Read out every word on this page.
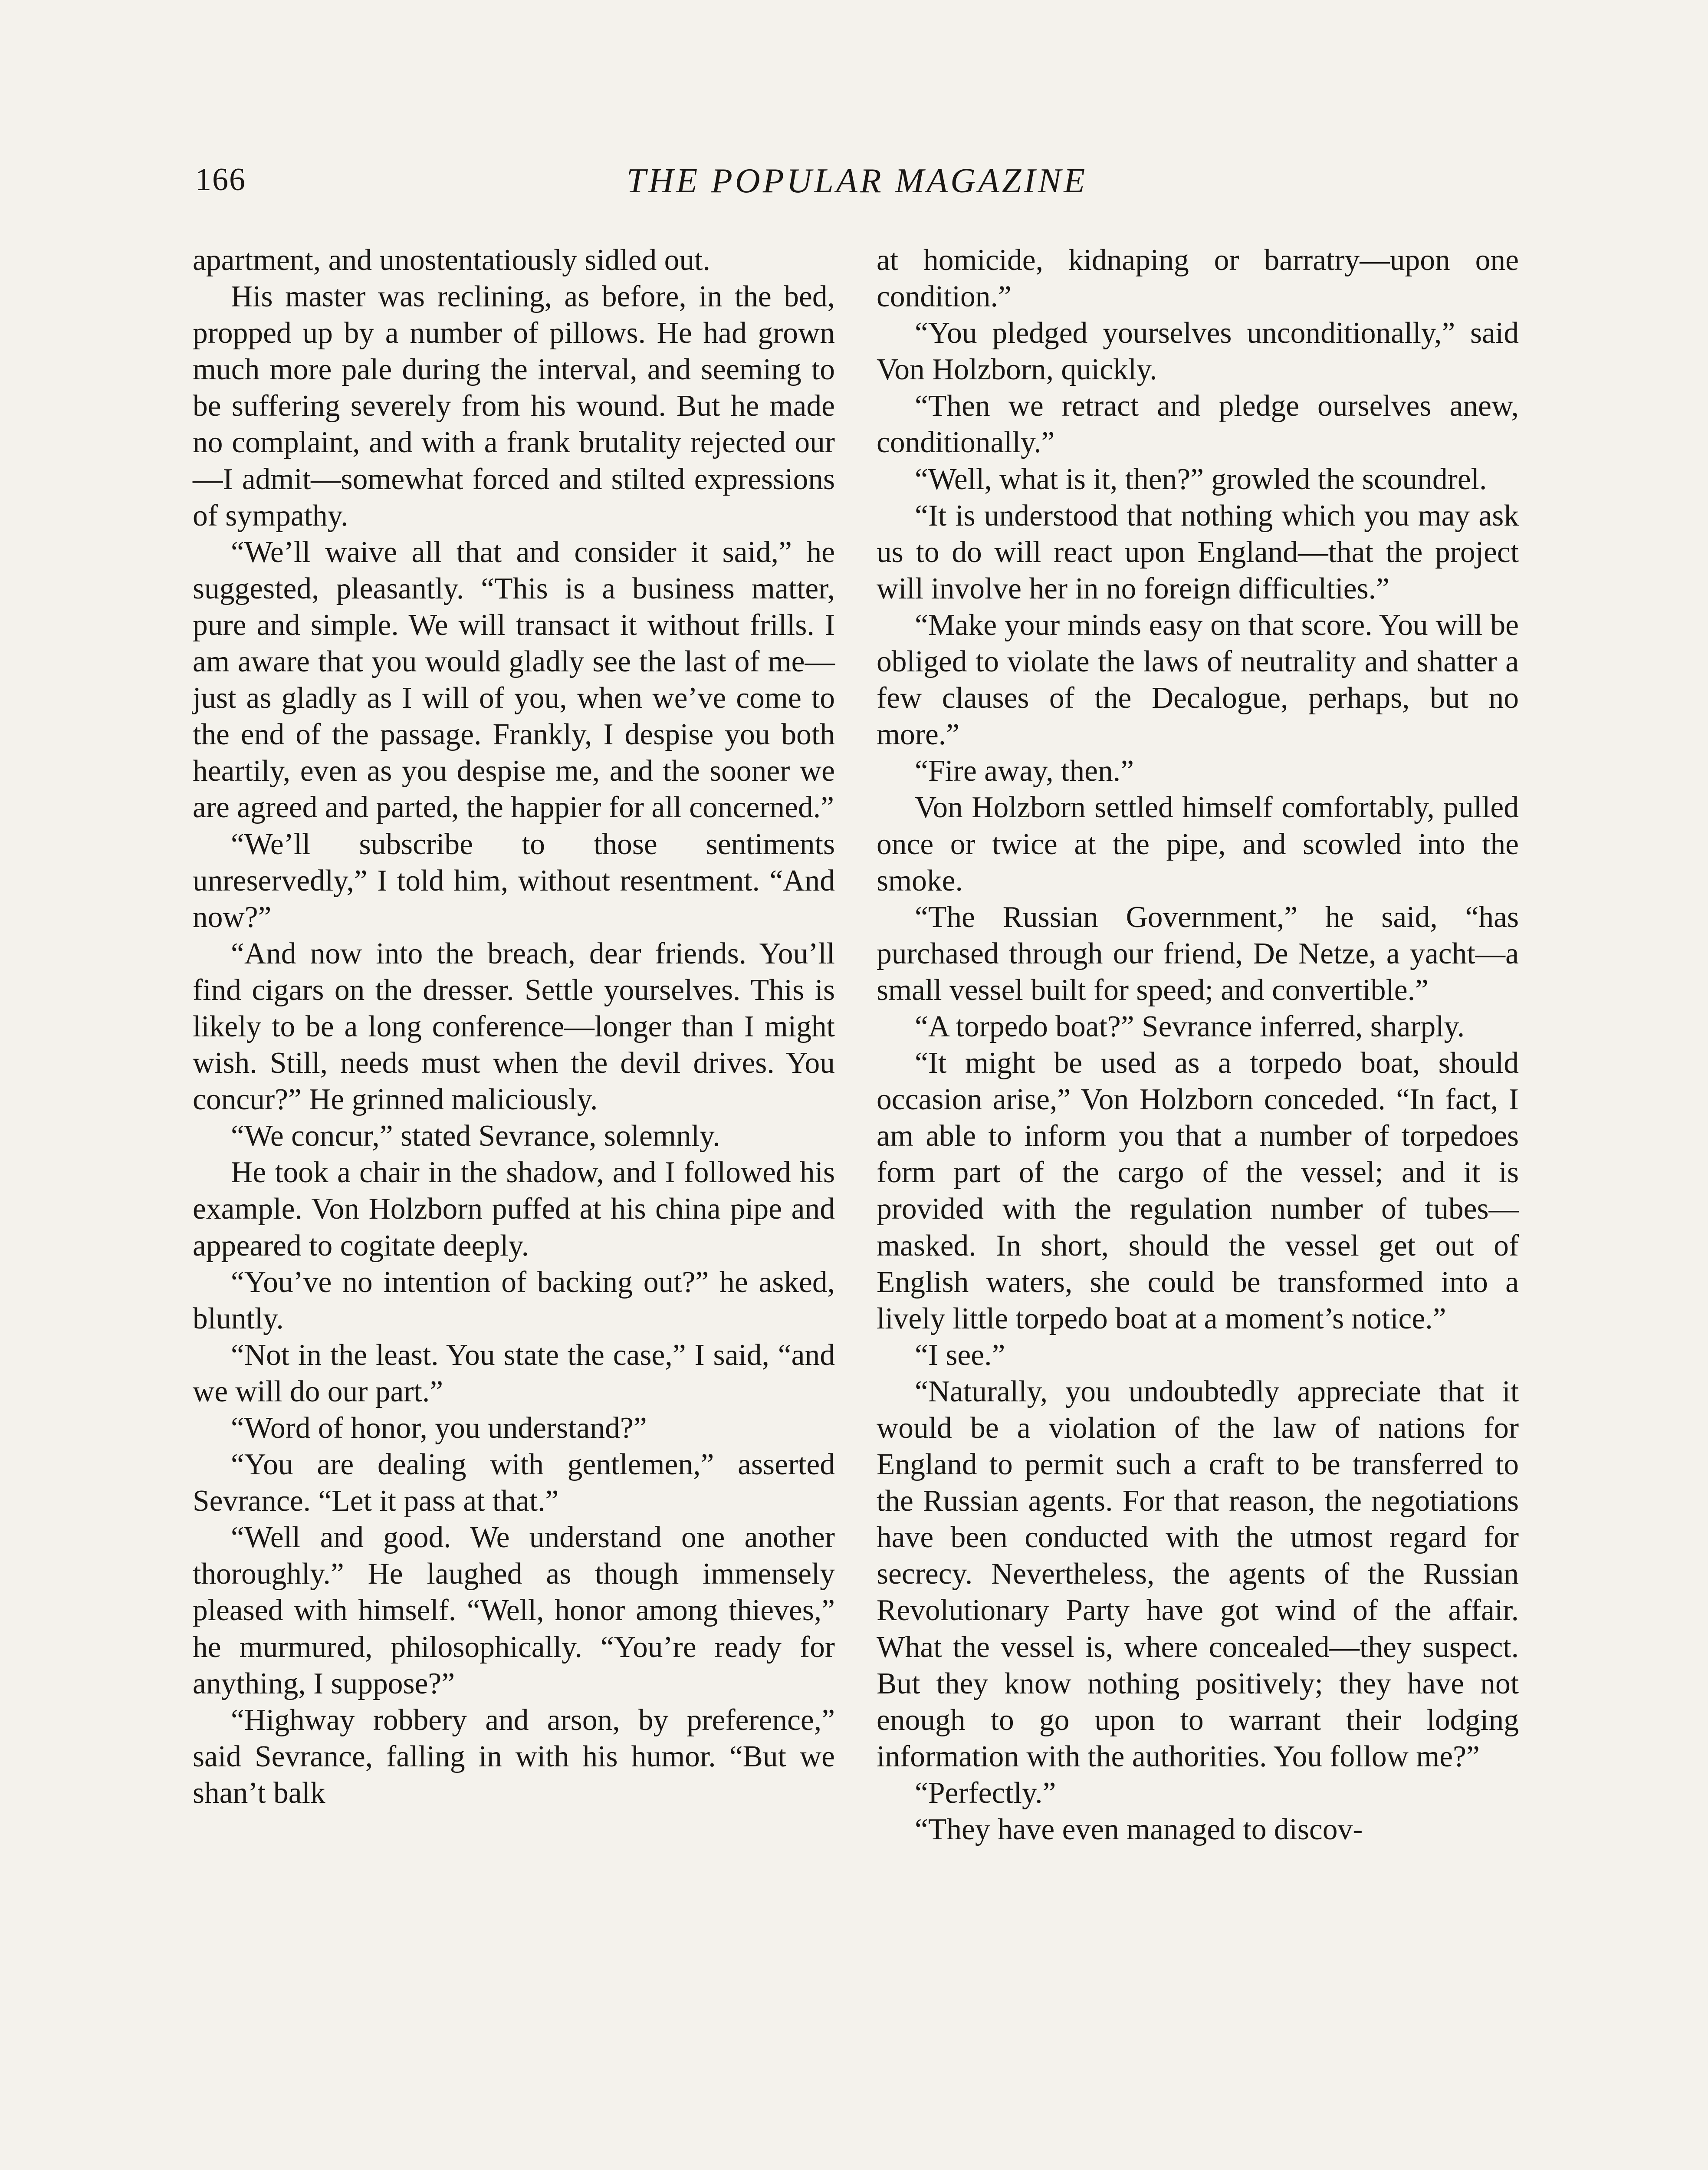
166	THE POPULAR MAGAZINE

apartment, and unostentatiously sidled out.

His master was reclining, as before, in the bed, propped up by a number of pillows. He had grown much more pale during the interval, and seeming to be suffering severely from his wound. But he made no complaint, and with a frank brutality rejected our—I admit—somewhat forced and stilted expressions of sympathy.

“We’ll waive all that and consider it said,” he suggested, pleasantly. “This is a business matter, pure and simple. We will transact it without frills. I am aware that you would gladly see the last of me—just as gladly as I will of you, when we’ve come to the end of the passage. Frankly, I despise you both heartily, even as you despise me, and the sooner we are agreed and parted, the happier for all concerned.”

“We’ll subscribe to those sentiments unreservedly,” I told him, without resentment. “And now?”

“And now into the breach, dear friends. You’ll find cigars on the dresser. Settle yourselves. This is likely to be a long conference—longer than I might wish. Still, needs must when the devil drives. You concur?” He grinned maliciously.

“We concur,” stated Sevrance, solemnly.

He took a chair in the shadow, and I followed his example. Von Holzborn puffed at his china pipe and appeared to cogitate deeply.

“You’ve no intention of backing out?” he asked, bluntly.

“Not in the least. You state the case,” I said, “and we will do our part.”

“Word of honor, you understand?”

“You are dealing with gentlemen,” asserted Sevrance. “Let it pass at that.”

“Well and good. We understand one another thoroughly.” He laughed as though immensely pleased with himself. “Well, honor among thieves,” he murmured, philosophically. “You’re ready for anything, I suppose?”

“Highway robbery and arson, by preference,” said Sevrance, falling in with his humor. “But we shan’t balk

at homicide, kidnaping or barratry—upon one condition.”

“You pledged yourselves unconditionally,” said Von Holzborn, quickly.

“Then we retract and pledge ourselves anew, conditionally.”

“Well, what is it, then?” growled the scoundrel.

“It is understood that nothing which you may ask us to do will react upon England—that the project will involve her in no foreign difficulties.”

“Make your minds easy on that score. You will be obliged to violate the laws of neutrality and shatter a few clauses of the Decalogue, perhaps, but no more.”

“Fire away, then.”

Von Holzborn settled himself comfortably, pulled once or twice at the pipe, and scowled into the smoke.

“The Russian Government,” he said, “has purchased through our friend, De Netze, a yacht—a small vessel built for speed; and convertible.”

“A torpedo boat?” Sevrance inferred, sharply.

“It might be used as a torpedo boat, should occasion arise,” Von Holzborn conceded. “In fact, I am able to inform you that a number of torpedoes form part of the cargo of the vessel; and it is provided with the regulation number of tubes—masked. In short, should the vessel get out of English waters, she could be transformed into a lively little torpedo boat at a moment’s notice.”

“I see.”

“Naturally, you undoubtedly appreciate that it would be a violation of the law of nations for England to permit such a craft to be transferred to the Russian agents. For that reason, the negotiations have been conducted with the utmost regard for secrecy. Nevertheless, the agents of the Russian Revolutionary Party have got wind of the affair. What the vessel is, where concealed—they suspect. But they know nothing positively; they have not enough to go upon to warrant their lodging information with the authorities. You follow me?”

“Perfectly.”

“They have even managed to discov-
